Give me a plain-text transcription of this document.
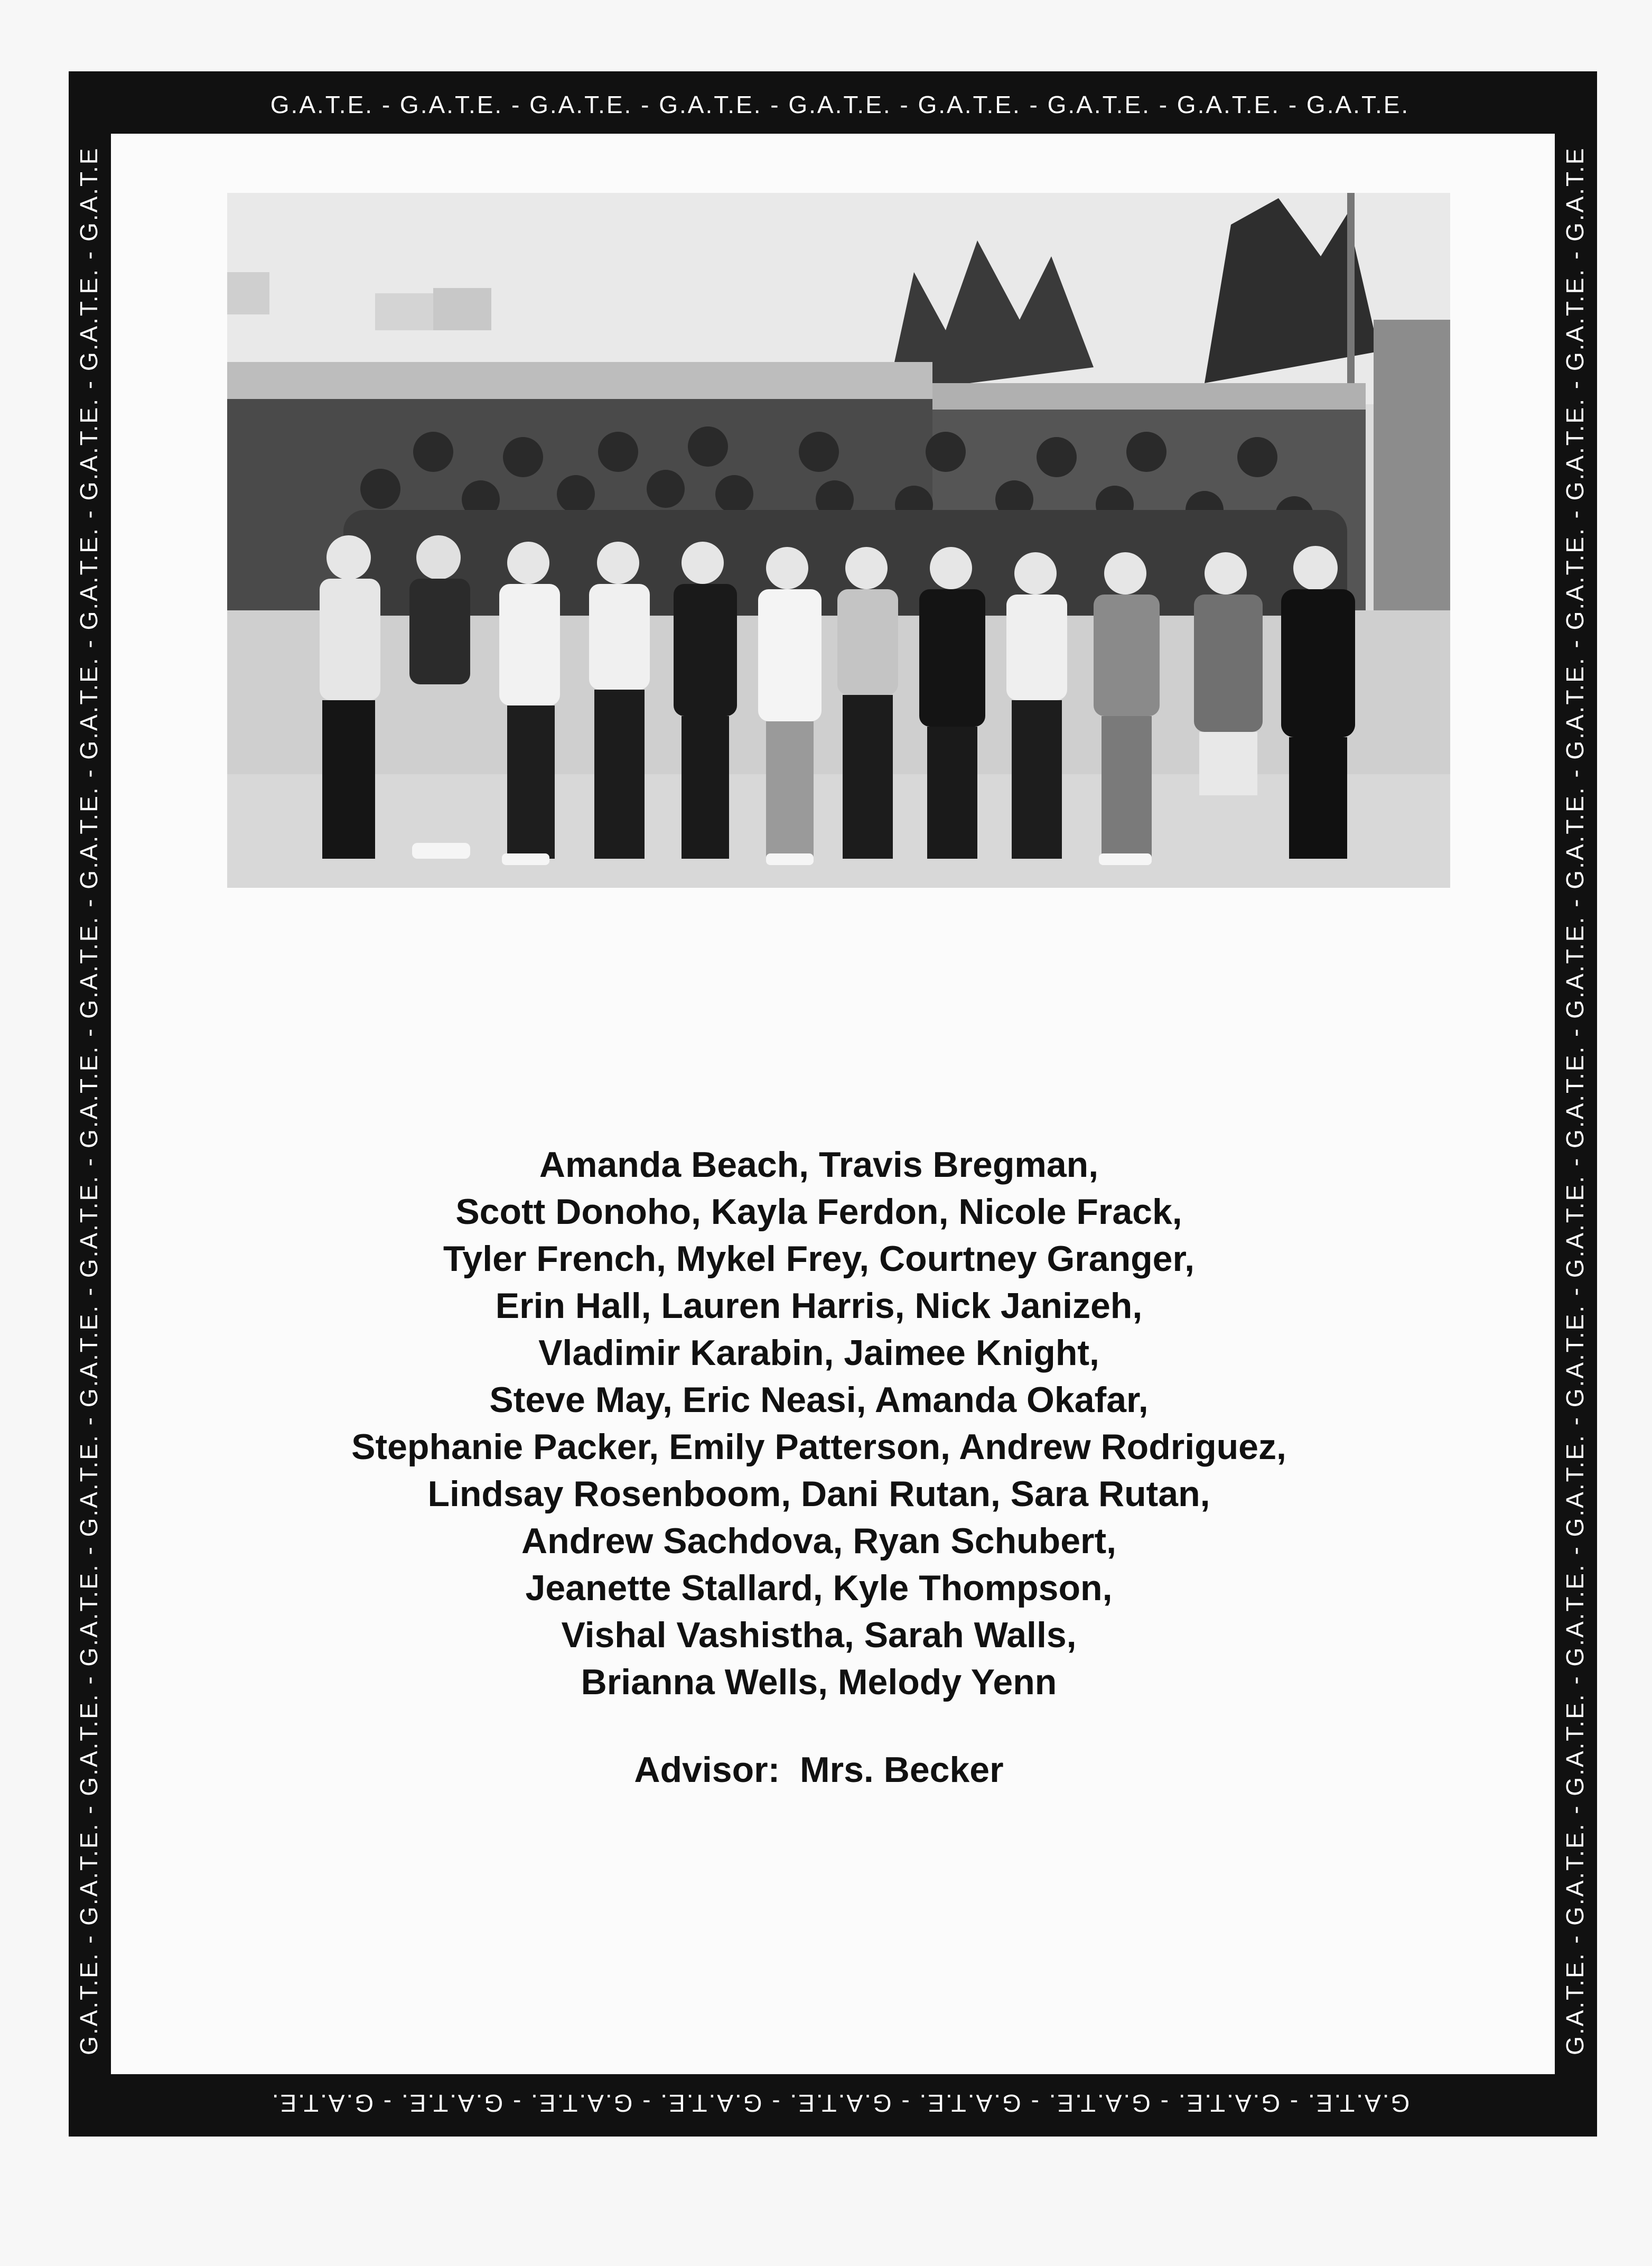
G.A.T.E. - G.A.T.E. - G.A.T.E. - G.A.T.E. - G.A.T.E. - G.A.T.E. - G.A.T.E. - G.A.T.E. - G.A.T.E.
G.A.T.E. - G.A.T.E. - G.A.T.E. - G.A.T.E. - G.A.T.E. - G.A.T.E. - G.A.T.E. - G.A.T.E. - G.A.T.E.
G.A.T.E. - G.A.T.E. - G.A.T.E. - G.A.T.E. - G.A.T.E. - G.A.T.E. - G.A.T.E. - G.A.T.E. - G.A.T.E. - G.A.T.E. - G.A.T.E. - G.A.T.E. - G.A.T.E. - G.A.T.E. - G.A.T.E	G.A.T.E. - G.A.T.E. - G.A.T.E. - G.A.T.E. - G.A.T.E. - G.A.T.E. - G.A.T.E. - G.A.T.E. - G.A.T.E. - G.A.T.E. - G.A.T.E. - G.A.T.E. - G.A.T.E. - G.A.T.E. - G.A.T.E
Amanda Beach, Travis Bregman,
Scott Donoho, Kayla Ferdon, Nicole Frack,
Tyler French, Mykel Frey, Courtney Granger,
Erin Hall, Lauren Harris, Nick Janizeh,
Vladimir Karabin, Jaimee Knight,
Steve May, Eric Neasi, Amanda Okafar,
Stephanie Packer, Emily Patterson, Andrew Rodriguez,
Lindsay Rosenboom, Dani Rutan, Sara Rutan,
Andrew Sachdova, Ryan Schubert,
Jeanette Stallard, Kyle Thompson,
Vishal Vashistha, Sarah Walls,
Brianna Wells, Melody Yenn
Advisor:  Mrs. Becker
